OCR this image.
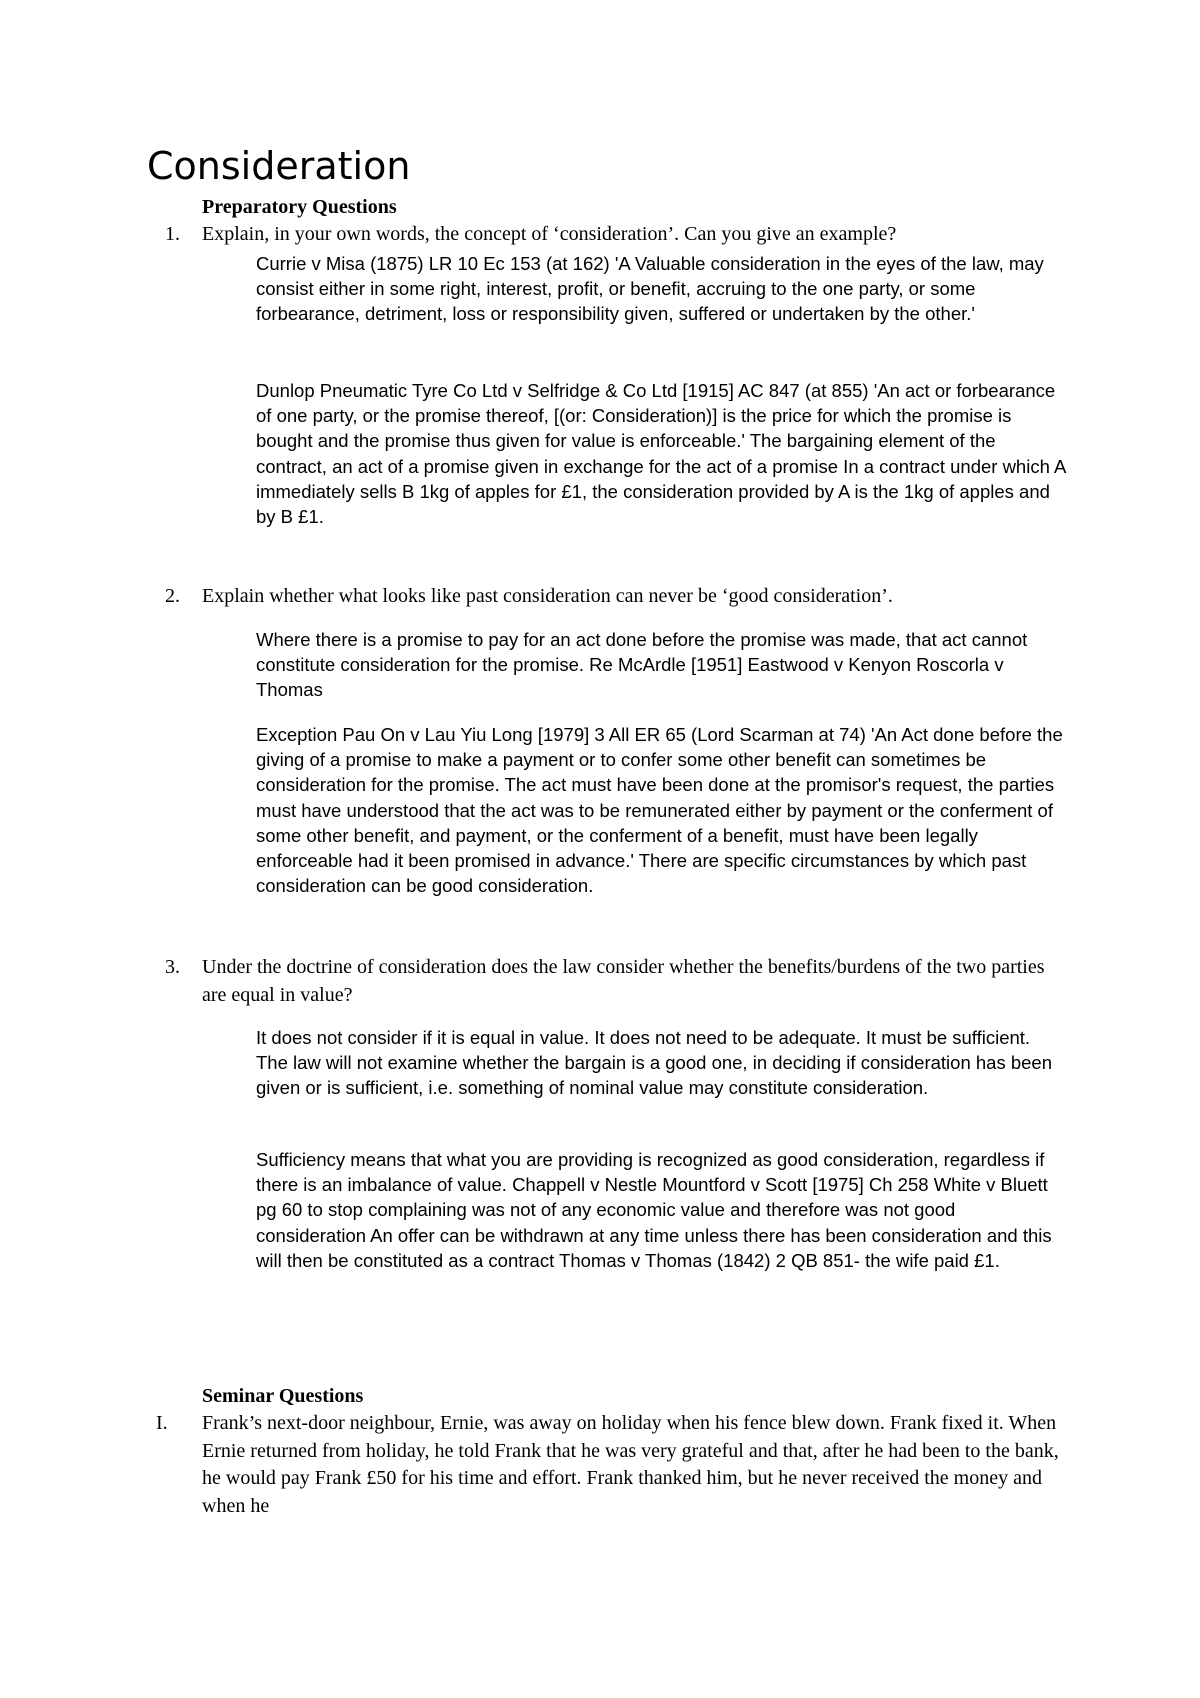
Consideration
Preparatory Questions
1. Explain, in your own words, the concept of ‘consideration’. Can you give an example?
Currie v Misa (1875) LR 10 Ec 153 (at 162) 'A Valuable consideration in the eyes of the law, may consist either in some right, interest, profit, or benefit, accruing to the one party, or some forbearance, detriment, loss or responsibility given, suffered or undertaken by the other.'
Dunlop Pneumatic Tyre Co Ltd v Selfridge & Co Ltd [1915] AC 847 (at 855) 'An act or forbearance of one party, or the promise thereof, [(or: Consideration)] is the price for which the promise is bought and the promise thus given for value is enforceable.' The bargaining element of the contract, an act of a promise given in exchange for the act of a promise In a contract under which A immediately sells B 1kg of apples for £1, the consideration provided by A is the 1kg of apples and by B £1.
2. Explain whether what looks like past consideration can never be ‘good consideration’.
Where there is a promise to pay for an act done before the promise was made, that act cannot constitute consideration for the promise. Re McArdle [1951] Eastwood v Kenyon Roscorla v Thomas
Exception Pau On v Lau Yiu Long [1979] 3 All ER 65 (Lord Scarman at 74) 'An Act done before the giving of a promise to make a payment or to confer some other benefit can sometimes be consideration for the promise. The act must have been done at the promisor's request, the parties must have understood that the act was to be remunerated either by payment or the conferment of some other benefit, and payment, or the conferment of a benefit, must have been legally enforceable had it been promised in advance.' There are specific circumstances by which past consideration can be good consideration.
3. Under the doctrine of consideration does the law consider whether the benefits/burdens of the two parties are equal in value?
It does not consider if it is equal in value. It does not need to be adequate. It must be sufficient. The law will not examine whether the bargain is a good one, in deciding if consideration has been given or is sufficient, i.e. something of nominal value may constitute consideration.
Sufficiency means that what you are providing is recognized as good consideration, regardless if there is an imbalance of value. Chappell v Nestle Mountford v Scott [1975] Ch 258 White v Bluett pg 60 to stop complaining was not of any economic value and therefore was not good consideration An offer can be withdrawn at any time unless there has been consideration and this will then be constituted as a contract Thomas v Thomas (1842) 2 QB 851- the wife paid £1.
Seminar Questions
I. Frank’s next-door neighbour, Ernie, was away on holiday when his fence blew down. Frank fixed it. When Ernie returned from holiday, he told Frank that he was very grateful and that, after he had been to the bank, he would pay Frank £50 for his time and effort. Frank thanked him, but he never received the money and when he
